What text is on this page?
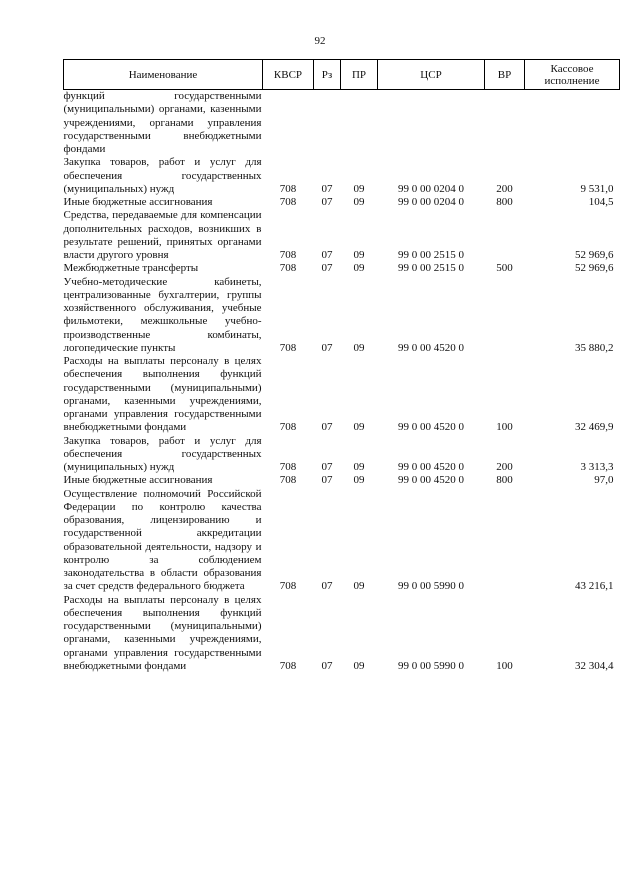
92
Наименование	КВСР	Рз	ПР	ЦСР	ВР	Кассовое исполнение
функций государственными (муниципальными) органами, казенными учреждениями, органами управления государственными внебюджетными фондами						
Закупка товаров, работ и услуг для обеспечения государственных (муниципальных) нужд	708	07	09	99 0 00 0204 0	200	9 531,0
Иные бюджетные ассигнования	708	07	09	99 0 00 0204 0	800	104,5
Средства, передаваемые для компенсации дополнительных расходов, возникших в результате решений, принятых органами власти другого уровня	708	07	09	99 0 00 2515 0		52 969,6
Межбюджетные трансферты	708	07	09	99 0 00 2515 0	500	52 969,6
Учебно-методические кабинеты, централизованные бухгалтерии, группы хозяйственного обслуживания, учебные фильмотеки, межшкольные учебно-производственные комбинаты, логопедические пункты	708	07	09	99 0 00 4520 0		35 880,2
Расходы на выплаты персоналу в целях обеспечения выполнения функций государственными (муниципальными) органами, казенными учреждениями, органами управления государственными внебюджетными фондами	708	07	09	99 0 00 4520 0	100	32 469,9
Закупка товаров, работ и услуг для обеспечения государственных (муниципальных) нужд	708	07	09	99 0 00 4520 0	200	3 313,3
Иные бюджетные ассигнования	708	07	09	99 0 00 4520 0	800	97,0
Осуществление полномочий Российской Федерации по контролю качества образования, лицензированию и государственной аккредитации образовательной деятельности, надзору и контролю за соблюдением законодательства в области образования за счет средств федерального бюджета	708	07	09	99 0 00 5990 0		43 216,1
Расходы на выплаты персоналу в целях обеспечения выполнения функций государственными (муниципальными) органами, казенными учреждениями, органами управления государственными внебюджетными фондами	708	07	09	99 0 00 5990 0	100	32 304,4
